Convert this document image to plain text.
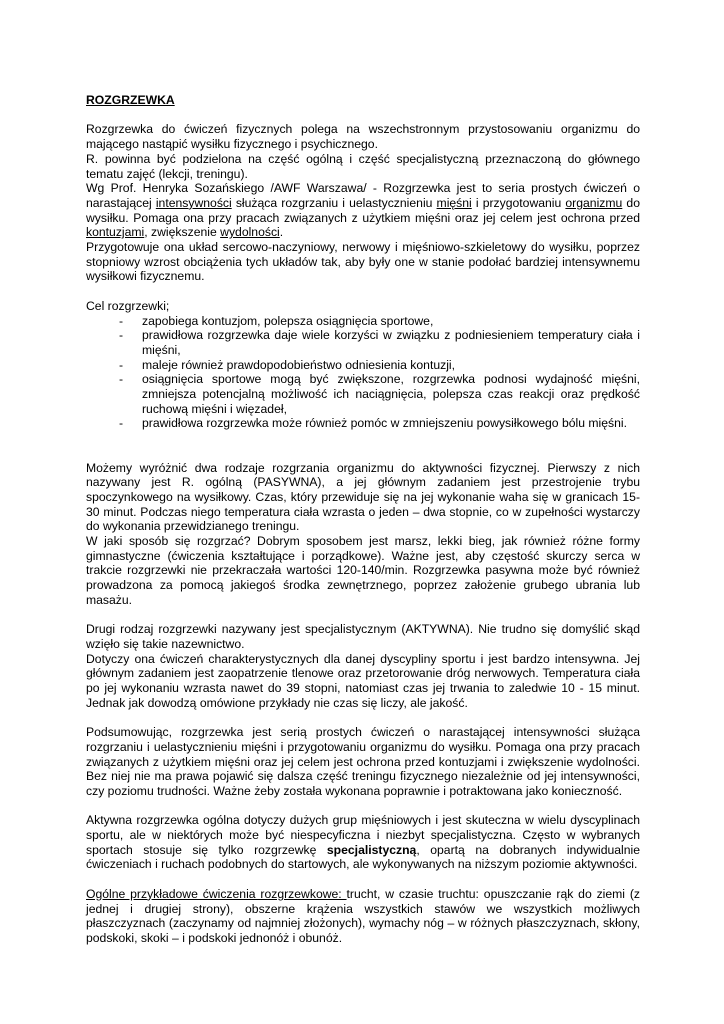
ROZGRZEWKA

Rozgrzewka do ćwiczeń fizycznych polega na wszechstronnym przystosowaniu organizmu do mającego nastąpić wysiłku fizycznego i psychicznego.

R. powinna być podzielona na część ogólną i część specjalistyczną przeznaczoną do głównego tematu zajęć (lekcji, treningu).

Wg Prof. Henryka Sozańskiego /AWF Warszawa/ - Rozgrzewka jest to seria prostych ćwiczeń o narastającej intensywności służąca rozgrzaniu i uelastycznieniu mięśni i przygotowaniu organizmu do wysiłku. Pomaga ona przy pracach związanych z użytkiem mięśni oraz jej celem jest ochrona przed kontuzjami, zwiększenie wydolności.

Przygotowuje ona układ sercowo-naczyniowy, nerwowy i mięśniowo-szkieletowy do wysiłku, poprzez stopniowy wzrost obciążenia tych układów tak, aby były one w stanie podołać bardziej intensywnemu wysiłkowi fizycznemu.

Cel rozgrzewki;

- zapobiega kontuzjom, polepsza osiągnięcia sportowe,
- prawidłowa rozgrzewka daje wiele korzyści w związku z podniesieniem temperatury ciała i mięśni,
- maleje również prawdopodobieństwo odniesienia kontuzji,
- osiągnięcia sportowe mogą być zwiększone, rozgrzewka podnosi wydajność mięśni, zmniejsza potencjalną możliwość ich naciągnięcia, polepsza czas reakcji oraz prędkość ruchową mięśni i więzadeł,
- prawidłowa rozgrzewka może również pomóc w zmniejszeniu powysiłkowego bólu mięśni.

Możemy wyróżnić dwa rodzaje rozgrzania organizmu do aktywności fizycznej. Pierwszy z nich nazywany jest R. ogólną (PASYWNA), a jej głównym zadaniem jest przestrojenie trybu spoczynkowego na wysiłkowy. Czas, który przewiduje się na jej wykonanie waha się w granicach 15-30 minut. Podczas niego temperatura ciała wzrasta o jeden – dwa stopnie, co w zupełności wystarczy do wykonania przewidzianego treningu.

W jaki sposób się rozgrzać? Dobrym sposobem jest marsz, lekki bieg, jak również różne formy gimnastyczne (ćwiczenia kształtujące i porządkowe). Ważne jest, aby częstość skurczy serca w trakcie rozgrzewki nie przekraczała wartości 120-140/min. Rozgrzewka pasywna może być również prowadzona za pomocą jakiegoś środka zewnętrznego, poprzez założenie grubego ubrania lub masażu.

Drugi rodzaj rozgrzewki nazywany jest specjalistycznym (AKTYWNA). Nie trudno się domyślić skąd wzięło się takie nazewnictwo.

Dotyczy ona ćwiczeń charakterystycznych dla danej dyscypliny sportu i jest bardzo intensywna. Jej głównym zadaniem jest zaopatrzenie tlenowe oraz przetorowanie dróg nerwowych. Temperatura ciała po jej wykonaniu wzrasta nawet do 39 stopni, natomiast czas jej trwania to zaledwie 10 - 15 minut. Jednak jak dowodzą omówione przykłady nie czas się liczy, ale jakość.

Podsumowując, rozgrzewka jest serią prostych ćwiczeń o narastającej intensywności służąca rozgrzaniu i uelastycznieniu mięśni i przygotowaniu organizmu do wysiłku. Pomaga ona przy pracach związanych z użytkiem mięśni oraz jej celem jest ochrona przed kontuzjami i zwiększenie wydolności. Bez niej nie ma prawa pojawić się dalsza część treningu fizycznego niezależnie od jej intensywności, czy poziomu trudności. Ważne żeby została wykonana poprawnie i potraktowana jako konieczność.

Aktywna rozgrzewka ogólna dotyczy dużych grup mięśniowych i jest skuteczna w wielu dyscyplinach sportu, ale w niektórych może być niespecyficzna i niezbyt specjalistyczna. Często w wybranych sportach stosuje się tylko rozgrzewkę specjalistyczną, opartą na dobranych indywidualnie ćwiczeniach i ruchach podobnych do startowych, ale wykonywanych na niższym poziomie aktywności.

Ogólne przykładowe ćwiczenia rozgrzewkowe: trucht, w czasie truchtu: opuszczanie rąk do ziemi (z jednej i drugiej strony), obszerne krążenia wszystkich stawów we wszystkich możliwych płaszczyznach (zaczynamy od najmniej złożonych), wymachy nóg – w różnych płaszczyznach, skłony, podskoki, skoki – i podskoki jednonóż i obunóż.
